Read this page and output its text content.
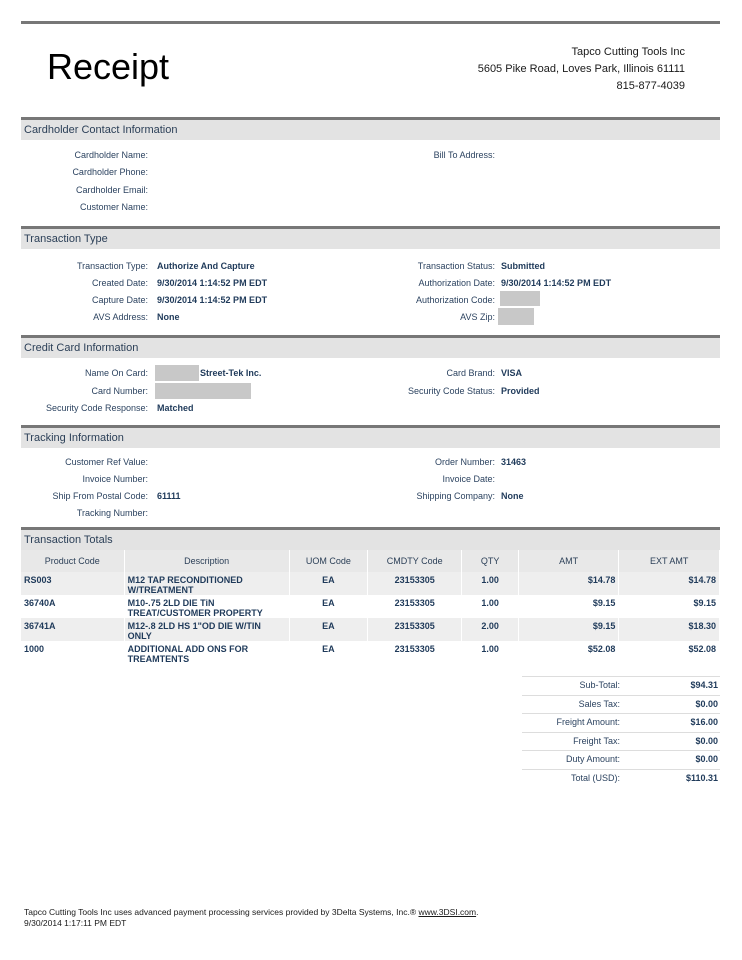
Receipt	Tapco Cutting Tools Inc
5605 Pike Road, Loves Park, Illinois 61111
815-877-4039
Cardholder Contact Information
Cardholder Name:
Cardholder Phone:
Cardholder Email:
Customer Name:
Bill To Address:
Transaction Type
Transaction Type: Authorize And Capture
Created Date: 9/30/2014 1:14:52 PM EDT
Capture Date: 9/30/2014 1:14:52 PM EDT
AVS Address: None
Transaction Status: Submitted
Authorization Date: 9/30/2014 1:14:52 PM EDT
Authorization Code:
AVS Zip:
Credit Card Information
Name On Card:	Street-Tek Inc.
Card Number:
Security Code Response: Matched
Card Brand: VISA
Security Code Status: Provided
Tracking Information
Customer Ref Value:
Invoice Number:
Ship From Postal Code: 61111
Tracking Number:
Order Number: 31463
Invoice Date:
Shipping Company: None
Transaction Totals
Product Code	Description	UOM Code	CMDTY Code	QTY	AMT	EXT AMT
RS003	M12 TAP RECONDITIONED W/TREATMENT	EA	23153305	1.00	$14.78	$14.78
36740A	M10-.75 2LD DIE TiN TREAT/CUSTOMER PROPERTY	EA	23153305	1.00	$9.15	$9.15
36741A	M12-.8 2LD HS 1"OD DIE W/TIN ONLY	EA	23153305	2.00	$9.15	$18.30
1000	ADDITIONAL ADD ONS FOR TREAMTENTS	EA	23153305	1.00	$52.08	$52.08
Sub-Total:	$94.31
Sales Tax:	$0.00
Freight Amount:	$16.00
Freight Tax:	$0.00
Duty Amount:	$0.00
Total (USD):	$110.31
Tapco Cutting Tools Inc uses advanced payment processing services provided by 3Delta Systems, Inc.® www.3DSI.com.
9/30/2014 1:17:11 PM EDT
